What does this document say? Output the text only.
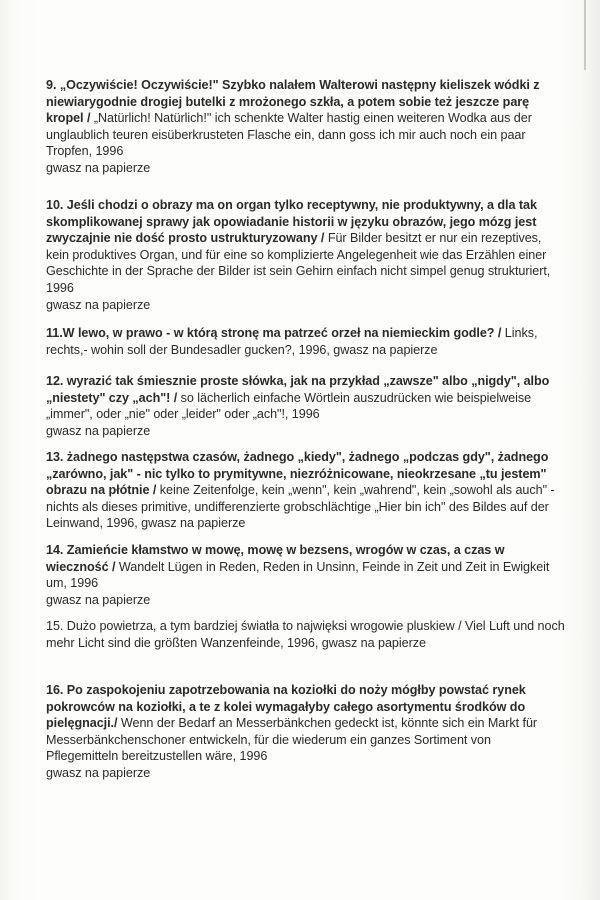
9. „Oczywiście! Oczywiście!" Szybko nalałem Walterowi następny kieliszek wódki z niewiarygodnie drogiej butelki z mrożonego szkła, a potem sobie też jeszcze parę kropel / „Natürlich! Natürlich!" ich schenkte Walter hastig einen weiteren Wodka aus der unglaublich teuren eisüberkrusteten Flasche ein, dann goss ich mir auch noch ein paar Tropfen, 1996
gwasz na papierze
10. Jeśli chodzi o obrazy ma on organ tylko receptywny, nie produktywny, a dla tak skomplikowanej sprawy jak opowiadanie historii w języku obrazów, jego mózg jest zwyczajnie nie dość prosto ustrukturyzowany / Für Bilder besitzt er nur ein rezeptives, kein produktives Organ, und für eine so komplizierte Angelegenheit wie das Erzählen einer Geschichte in der Sprache der Bilder ist sein Gehirn einfach nicht simpel genug strukturiert, 1996
gwasz na papierze
11.W lewo, w prawo - w którą stronę ma patrzeć orzeł na niemieckim godle? / Links, rechts,- wohin soll der Bundesadler gucken?, 1996, gwasz na papierze
12. wyrazić tak śmiesznie proste słówka, jak na przykład „zawsze" albo „nigdy", albo „niestety" czy „ach"! / so lächerlich einfache Wörtlein auszudrücken wie beispielweise „immer", oder „nie" oder „leider" oder „ach"!, 1996
gwasz na papierze
13. żadnego następstwa czasów, żadnego „kiedy", żadnego „podczas gdy", żadnego „zarówno, jak" - nic tylko to prymitywne, niezróżnicowane, nieokrzesane „tu jestem" obrazu na płótnie / keine Zeitenfolge, kein „wenn", kein „wahrend", kein „sowohl als auch" - nichts als dieses primitive, undifferenzierte grobschlächtige „Hier bin ich" des Bildes auf der Leinwand, 1996, gwasz na papierze
14. Zamieńcie kłamstwo w mowę, mowę w bezsens, wrogów w czas, a czas w wieczność / Wandelt Lügen in Reden, Reden in Unsinn, Feinde in Zeit und Zeit in Ewigkeit um, 1996
gwasz na papierze
15. Dużo powietrza, a tym bardziej światła to najwięksi wrogowie pluskiew / Viel Luft und noch mehr Licht sind die größten Wanzenfeinde, 1996, gwasz na papierze
16. Po zaspokojeniu zapotrzebowania na koziołki do noży mógłby powstać rynek pokrowców na koziołki, a te z kolei wymagałyby całego asortymentu środków do pielęgnacji./ Wenn der Bedarf an Messerbänkchen gedeckt ist, könnte sich ein Markt für Messerbänkchenschoner entwickeln, für die wiederum ein ganzes Sortiment von Pflegemitteln bereitzustellen wäre, 1996
gwasz na papierze
